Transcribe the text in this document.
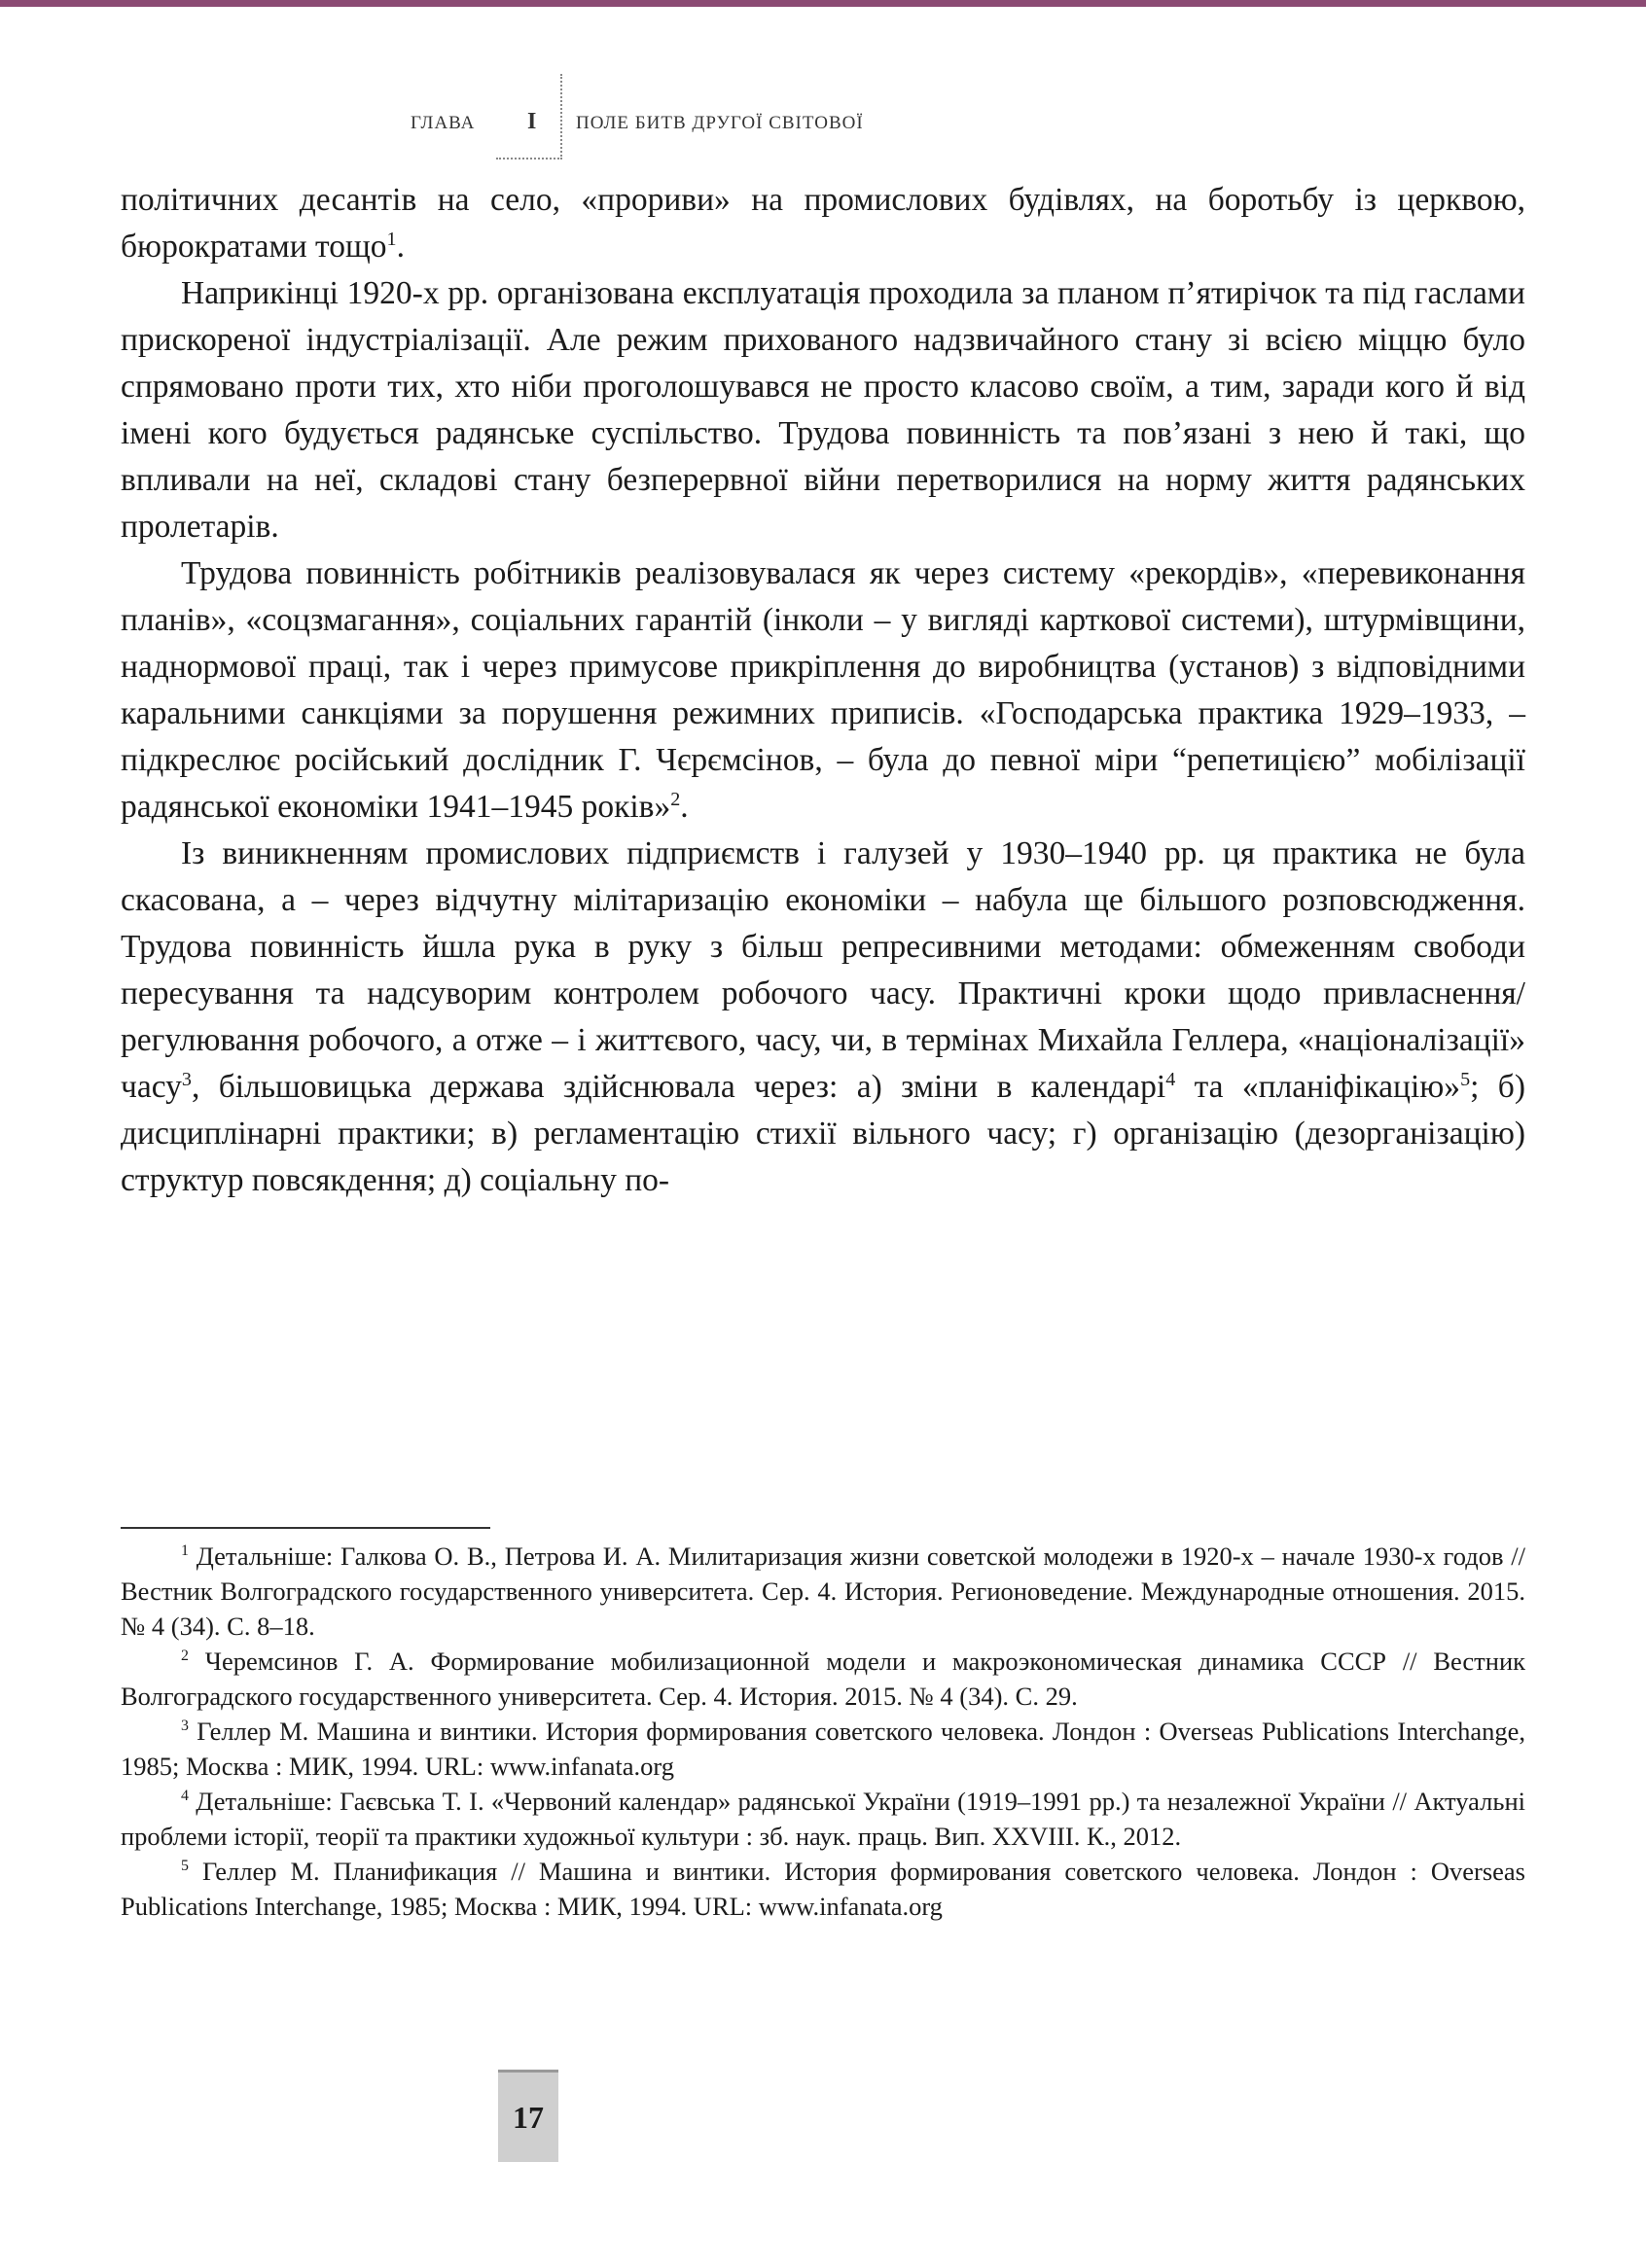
ГЛАВА I ПОЛЕ БИТВ ДРУГОЇ СВІТОВОЇ

політичних десантів на село, «прориви» на промислових будівлях, на боротьбу із церквою, бюрократами тощо$^1$.

Наприкінці 1920-х рр. організована експлуатація проходила за планом п’ятирічок та під гаслами прискореної індустріалізації. Але режим прихованого надзвичайного стану зі всією міццю було спрямовано проти тих, хто ніби проголошувався не просто класово своїм, а тим, заради кого й від імені кого будується радянське суспільство. Трудова повинність та пов’язані з нею й такі, що впливали на неї, складові стану безперервної війни перетворилися на норму життя радянських пролетарів.

Трудова повинність робітників реалізовувалася як через систему «рекордів», «перевиконання планів», «соцзмагання», соціальних гарантій (інколи – у вигляді карткової системи), штурмівщини, наднормової праці, так і через примусове прикріплення до виробництва (установ) з відповідними каральними санкціями за порушення режимних приписів. «Господарська практика 1929–1933, – підкреслює російський дослідник Г. Чєрємсінов, – була до певної міри “репетицією” мобілізації радянської економіки 1941–1945 років»$^2$.

Із виникненням промислових підприємств і галузей у 1930–1940 рр. ця практика не була скасована, а – через відчутну мілітаризацію економіки – набула ще більшого розповсюдження. Трудова повинність йшла рука в руку з більш репресивними методами: обмеженням свободи пересування та надсуворим контролем робочого часу. Практичні кроки щодо привласнення/регулювання робочого, а отже – і життєвого, часу, чи, в термінах Михайла Геллера, «націоналізації» часу$^3$, більшовицька держава здійснювала через: а) зміни в календарі$^4$ та «планіфікацію»$^5$; б) дисциплінарні практики; в) регламентацію стихії вільного часу; г) організацію (дезорганізацію) структур повсякдення; д) соціальну по-

$^1$ Детальніше: Галкова О. В., Петрова И. А. Милитаризация жизни советской молодежи в 1920-х – начале 1930-х годов // Вестник Волгоградского государственного университета. Сер. 4. История. Регионоведение. Международные отношения. 2015. № 4 (34). С. 8–18.

$^2$ Черемсинов Г. А. Формирование мобилизационной модели и макроэкономическая динамика СССР // Вестник Волгоградского государственного университета. Сер. 4. История. 2015. № 4 (34). С. 29.

$^3$ Геллер М. Машина и винтики. История формирования советского человека. Лондон : Overseas Publications Interchange, 1985; Москва : МИК, 1994. URL: www.infanata.org

$^4$ Детальніше: Гаєвська Т. І. «Червоний календар» радянської України (1919–1991 рр.) та незалежної України // Актуальні проблеми історії, теорії та практики художньої культури : зб. наук. праць. Вип. XXVIII. К., 2012.

$^5$ Геллер М. Планификация // Машина и винтики. История формирования советского человека. Лондон : Overseas Publications Interchange, 1985; Москва : МИК, 1994. URL: www.infanata.org

17
